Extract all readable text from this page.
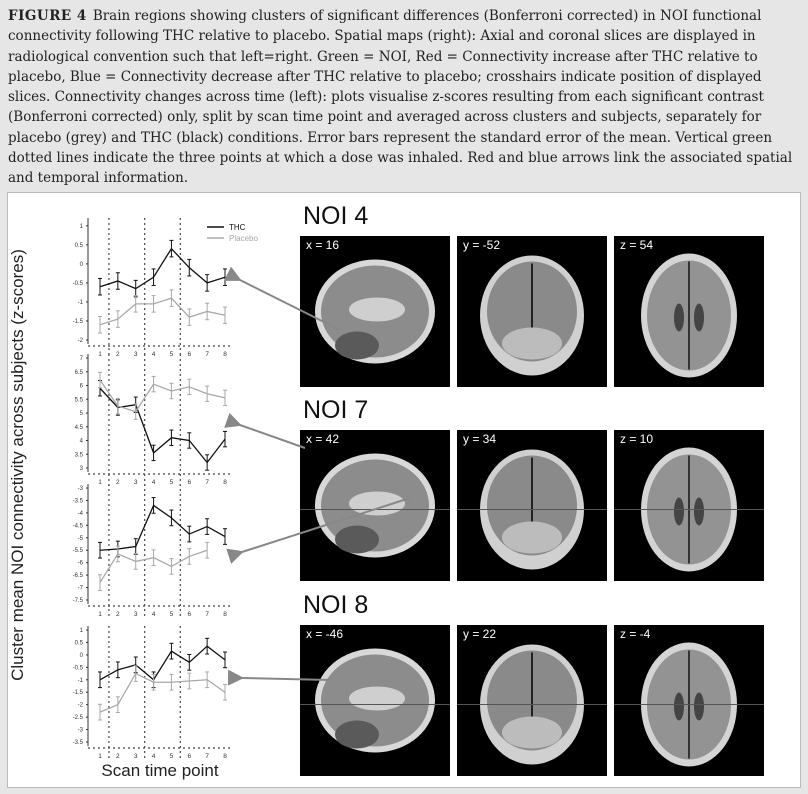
FIGURE 4 Brain regions showing clusters of significant differences (Bonferroni corrected) in NOI functional connectivity following THC relative to placebo. Spatial maps (right): Axial and coronal slices are displayed in radiological convention such that left=right. Green = NOI, Red = Connectivity increase after THC relative to placebo, Blue = Connectivity decrease after THC relative to placebo; crosshairs indicate position of displayed slices. Connectivity changes across time (left): plots visualise z-scores resulting from each significant contrast (Bonferroni corrected) only, split by scan time point and averaged across clusters and subjects, separately for placebo (grey) and THC (black) conditions. Error bars represent the standard error of the mean. Vertical green dotted lines indicate the three points at which a dose was inhaled. Red and blue arrows link the associated spatial and temporal information.
Cluster mean NOI connectivity across subjects (z-scores)
Scan time point
1
0.5
0
-0.5
-1
-1.5
-2
1 2 3 4 5 6 7 8
THC
Placebo
7
6.5
6
5.5
5
4.5
4
3.5
3
1 2 3 4 5 6 7 8
-3
-3.5
-4
-4.5
-5
-5.5
-6
-6.5
-7
-7.5
1 2 3 4 5 6 7 8
1
0.5
0
-0.5
-1
-1.5
-2
-2.5
-3
-3.5
1 2 3 4 5 6 7 8
NOI 4
x = 16	y = -52	z = 54
NOI 7
x = 42	y = 34	z = 10
NOI 8
x = -46	y = 22	z = -4
